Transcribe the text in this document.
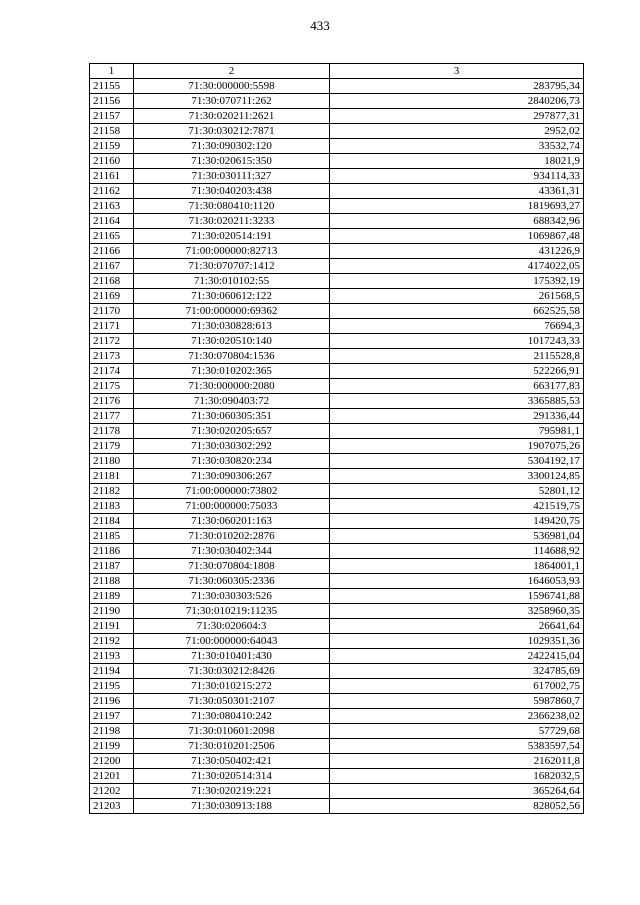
433
1	2	3
21155	71:30:000000:5598	283795,34
21156	71:30:070711:262	2840206,73
21157	71:30:020211:2621	297877,31
21158	71:30:030212:7871	2952,02
21159	71:30:090302:120	33532,74
21160	71:30:020615:350	18021,9
21161	71:30:030111:327	934114,33
21162	71:30:040203:438	43361,31
21163	71:30:080410:1120	1819693,27
21164	71:30:020211:3233	688342,96
21165	71:30:020514:191	1069867,48
21166	71:00:000000:82713	431226,9
21167	71:30:070707:1412	4174022,05
21168	71:30:010102:55	175392,19
21169	71:30:060612:122	261568,5
21170	71:00:000000:69362	662525,58
21171	71:30:030828:613	76694,3
21172	71:30:020510:140	1017243,33
21173	71:30:070804:1536	2115528,8
21174	71:30:010202:365	522266,91
21175	71:30:000000:2080	663177,83
21176	71:30:090403:72	3365885,53
21177	71:30:060305:351	291336,44
21178	71:30:020205:657	795981,1
21179	71:30:030302:292	1907075,26
21180	71:30:030820:234	5304192,17
21181	71:30:090306:267	3300124,85
21182	71:00:000000:73802	52801,12
21183	71:00:000000:75033	421519,75
21184	71:30:060201:163	149420,75
21185	71:30:010202:2876	536981,04
21186	71:30:030402:344	114688,92
21187	71:30:070804:1808	1864001,1
21188	71:30:060305:2336	1646053,93
21189	71:30:030303:526	1596741,88
21190	71:30:010219:11235	3258960,35
21191	71:30:020604:3	26641,64
21192	71:00:000000:64043	1029351,36
21193	71:30:010401:430	2422415,04
21194	71:30:030212:8426	324785,69
21195	71:30:010215:272	617002,75
21196	71:30:050301:2107	5987860,7
21197	71:30:080410:242	2366238,02
21198	71:30:010601:2098	57729,68
21199	71:30:010201:2506	5383597,54
21200	71:30:050402:421	2162011,8
21201	71:30:020514:314	1682032,5
21202	71:30:020219:221	365264,64
21203	71:30:030913:188	828052,56
